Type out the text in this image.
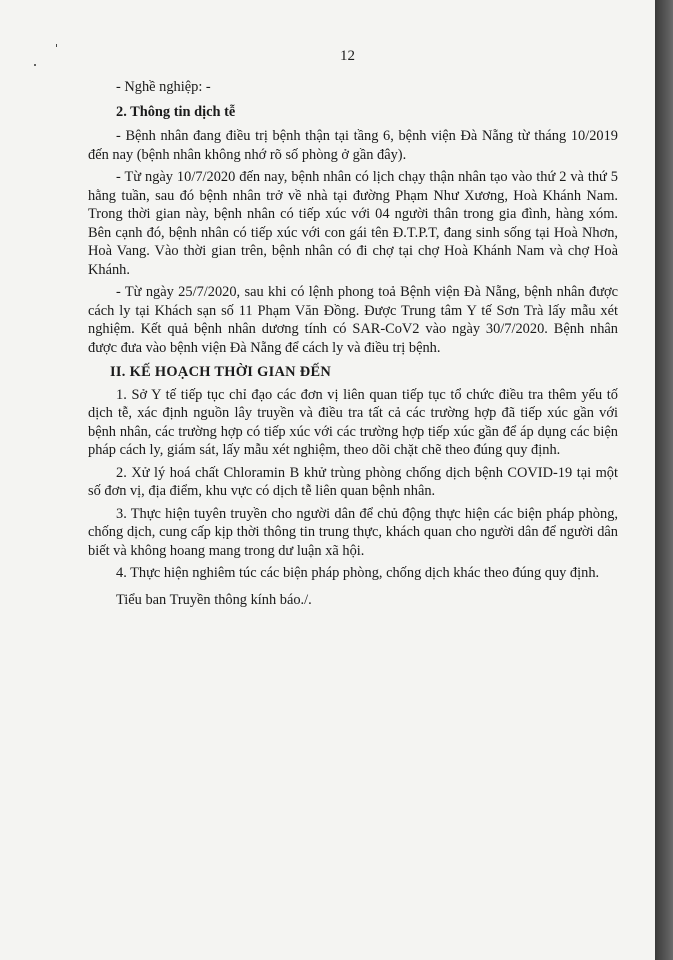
12

- Nghề nghiệp: -

2. Thông tin dịch tễ

- Bệnh nhân đang điều trị bệnh thận tại tầng 6, bệnh viện Đà Nẵng từ tháng 10/2019 đến nay (bệnh nhân không nhớ rõ số phòng ở gần đây).

- Từ ngày 10/7/2020 đến nay, bệnh nhân có lịch chạy thận nhân tạo vào thứ 2 và thứ 5 hằng tuần, sau đó bệnh nhân trở về nhà tại đường Phạm Như Xương, Hoà Khánh Nam. Trong thời gian này, bệnh nhân có tiếp xúc với 04 người thân trong gia đình, hàng xóm. Bên cạnh đó, bệnh nhân có tiếp xúc với con gái tên Đ.T.P.T, đang sinh sống tại Hoà Nhơn, Hoà Vang. Vào thời gian trên, bệnh nhân có đi chợ tại chợ Hoà Khánh Nam và chợ Hoà Khánh.

- Từ ngày 25/7/2020, sau khi có lệnh phong toả Bệnh viện Đà Nẵng, bệnh nhân được cách ly tại Khách sạn số 11 Phạm Văn Đồng. Được Trung tâm Y tế Sơn Trà lấy mẫu xét nghiệm. Kết quả bệnh nhân dương tính có SAR-CoV2 vào ngày 30/7/2020. Bệnh nhân được đưa vào bệnh viện Đà Nẵng để cách ly và điều trị bệnh.

II. KẾ HOẠCH THỜI GIAN ĐẾN

1. Sở Y tế tiếp tục chỉ đạo các đơn vị liên quan tiếp tục tổ chức điều tra thêm yếu tố dịch tễ, xác định nguồn lây truyền và điều tra tất cả các trường hợp đã tiếp xúc gần với bệnh nhân, các trường hợp có tiếp xúc với các trường hợp tiếp xúc gần để áp dụng các biện pháp cách ly, giám sát, lấy mẫu xét nghiệm, theo dõi chặt chẽ theo đúng quy định.

2. Xử lý hoá chất Chloramin B khử trùng phòng chống dịch bệnh COVID-19 tại một số đơn vị, địa điểm, khu vực có dịch tễ liên quan bệnh nhân.

3. Thực hiện tuyên truyền cho người dân để chủ động thực hiện các biện pháp phòng, chống dịch, cung cấp kịp thời thông tin trung thực, khách quan cho người dân để người dân biết và không hoang mang trong dư luận xã hội.

4. Thực hiện nghiêm túc các biện pháp phòng, chống dịch khác theo đúng quy định.

Tiểu ban Truyền thông kính báo./.
